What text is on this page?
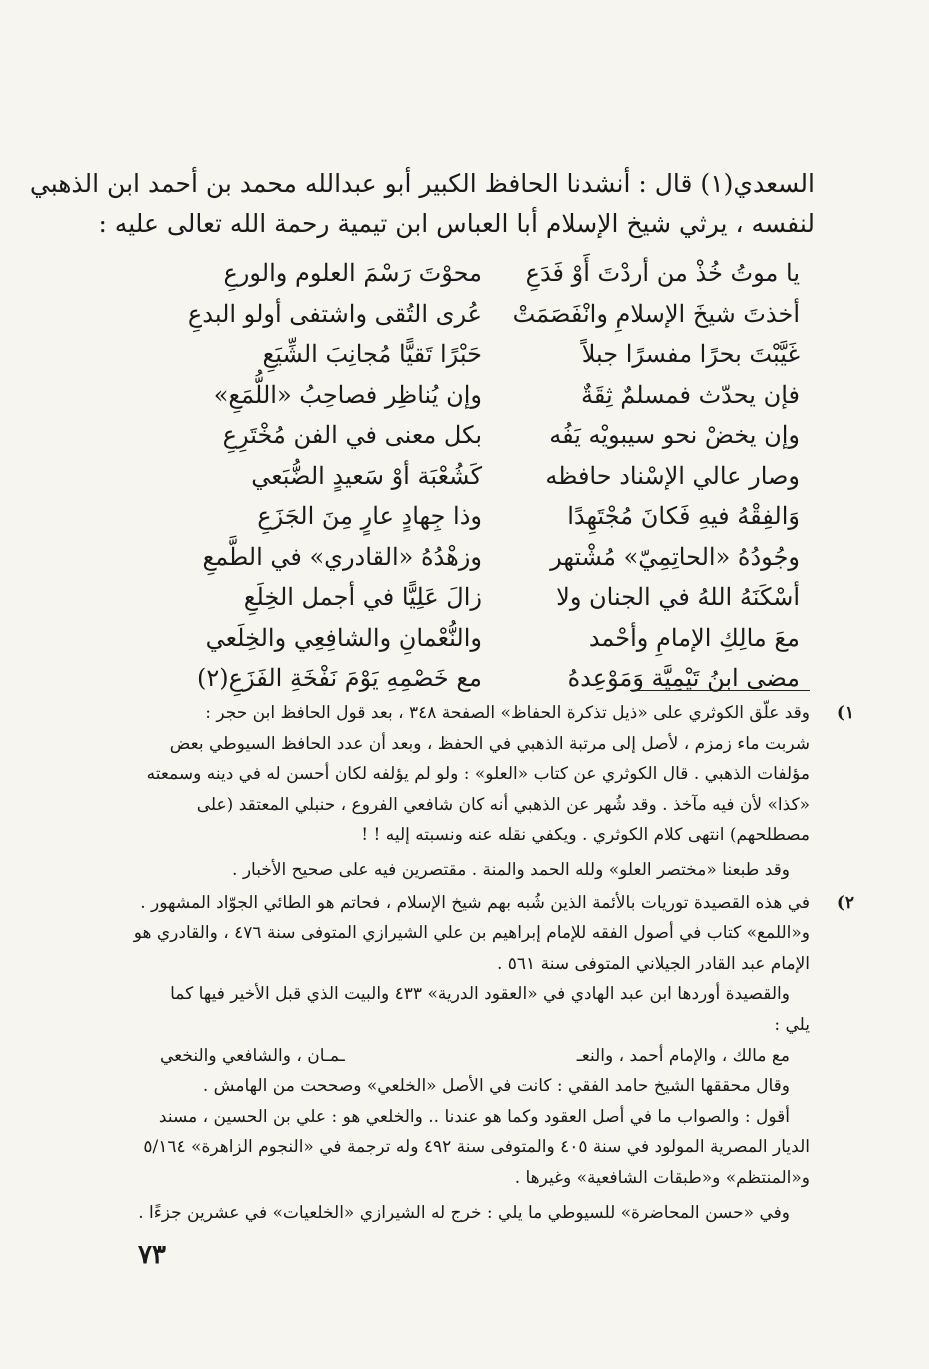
السعدي(١) قال : أنشدنا الحافظ الكبير أبو عبدالله محمد بن أحمد ابن الذهبي
لنفسه ، يرثي شيخ الإسلام أبا العباس ابن تيمية رحمة الله تعالى عليه :
يا موتُ خُذْ من أردْتَ أَوْ فَدَعِ
محوْتَ رَسْمَ العلوم والورعِ
أخذتَ شيخَ الإسلامِ وانْفَصَمَتْ
عُرى التُقى واشتفى أولو البدعِ
غَيَّبْتَ بحرًا مفسرًا جبلاً
حَبْرًا تَقيًّا مُجانِبَ الشِّيَعِ
فإن يحدّث فمسلمٌ ثِقَةٌ
وإن يُناظِر فصاحِبُ «اللُّمَعِ»
وإن يخضْ نحو سيبويْه يَفُه
بكل معنى في الفن مُخْتَرِعِ
وصار عالي الإسْناد حافظه
كَشُعْبَة أوْ سَعيدٍ الضُّبَعي
وَالفِقْهُ فيهِ فَكانَ مُجْتَهِدًا
وذا جِهادٍ عارٍ مِنَ الجَزَعِ
وجُودُهُ «الحاتِمِيّ» مُشْتهر
وزهْدُهُ «القادري» في الطَّمعِ
أسْكَنَهُ اللهُ في الجنان ولا
زالَ عَلِيًّا في أجمل الخِلَعِ
معَ مالِكِ الإمامِ وأحْمد
والنُّعْمانِ والشافِعِي والخِلَعي
مضى ابنُ تَيْمِيَّة وَمَوْعِدهُ
مع خَصْمِهِ يَوْمَ نَفْخَةِ الفَزَعِ(٢)
١)
وقد علّق الكوثري على «ذيل تذكرة الحفاظ» الصفحة ٣٤٨ ، بعد قول الحافظ ابن حجر :
شربت ماء زمزم ، لأصل إلى مرتبة الذهبي في الحفظ ، وبعد أن عدد الحافظ السيوطي بعض
مؤلفات الذهبي . قال الكوثري عن كتاب «العلو» : ولو لم يؤلفه لكان أحسن له في دينه وسمعته
«كذا» لأن فيه مآخذ . وقد شُهر عن الذهبي أنه كان شافعي الفروع ، حنبلي المعتقد (على
مصطلحهم) انتهى كلام الكوثري . ويكفي نقله عنه ونسبته إليه ! !
وقد طبعنا «مختصر العلو» ولله الحمد والمنة . مقتصرين فيه على صحيح الأخبار .
٢)
في هذه القصيدة توريات بالأئمة الذين شُبه بهم شيخ الإسلام ، فحاتم هو الطائي الجوّاد المشهور .
و«اللمع» كتاب في أصول الفقه للإمام إبراهيم بن علي الشيرازي المتوفى سنة ٤٧٦ ، والقادري هو
الإمام عبد القادر الجيلاني المتوفى سنة ٥٦١ .
والقصيدة أوردها ابن عبد الهادي في «العقود الدرية» ٤٣٣ والبيت الذي قبل الأخير فيها كما
يلي :
مع مالك ، والإمام أحمد ، والنعـ
ـمـان ، والشافعي والنخعي
وقال محققها الشيخ حامد الفقي : كانت في الأصل «الخلعي» وصححت من الهامش .
أقول : والصواب ما في أصل العقود وكما هو عندنا .. والخلعي هو : علي بن الحسين ، مسند
الديار المصرية المولود في سنة ٤٠٥ والمتوفى سنة ٤٩٢ وله ترجمة في «النجوم الزاهرة» ٥/١٦٤
و«المنتظم» و«طبقات الشافعية» وغيرها .
وفي «حسن المحاضرة» للسيوطي ما يلي : خرج له الشيرازي «الخلعيات» في عشرين جزءًا .
٧٣
